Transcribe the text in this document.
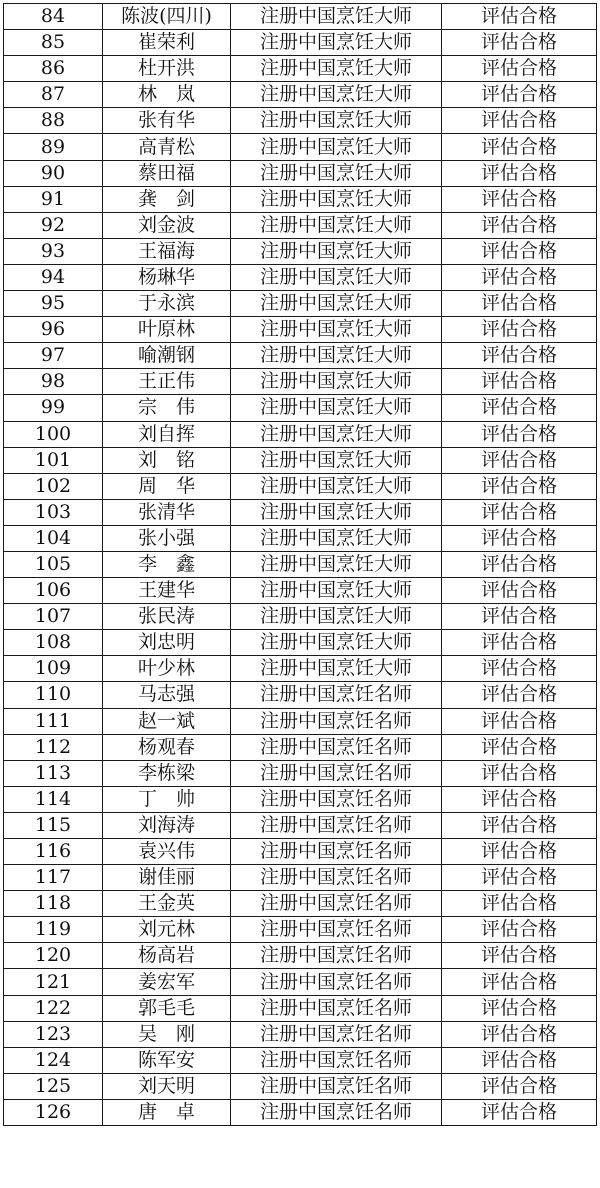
84	陈波(四川)	注册中国烹饪大师	评估合格
85	崔荣利	注册中国烹饪大师	评估合格
86	杜开洪	注册中国烹饪大师	评估合格
87	林　岚	注册中国烹饪大师	评估合格
88	张有华	注册中国烹饪大师	评估合格
89	高青松	注册中国烹饪大师	评估合格
90	蔡田福	注册中国烹饪大师	评估合格
91	龚　剑	注册中国烹饪大师	评估合格
92	刘金波	注册中国烹饪大师	评估合格
93	王福海	注册中国烹饪大师	评估合格
94	杨琳华	注册中国烹饪大师	评估合格
95	于永滨	注册中国烹饪大师	评估合格
96	叶原林	注册中国烹饪大师	评估合格
97	喻潮钢	注册中国烹饪大师	评估合格
98	王正伟	注册中国烹饪大师	评估合格
99	宗　伟	注册中国烹饪大师	评估合格
100	刘自挥	注册中国烹饪大师	评估合格
101	刘　铭	注册中国烹饪大师	评估合格
102	周　华	注册中国烹饪大师	评估合格
103	张清华	注册中国烹饪大师	评估合格
104	张小强	注册中国烹饪大师	评估合格
105	李　鑫	注册中国烹饪大师	评估合格
106	王建华	注册中国烹饪大师	评估合格
107	张民涛	注册中国烹饪大师	评估合格
108	刘忠明	注册中国烹饪大师	评估合格
109	叶少林	注册中国烹饪大师	评估合格
110	马志强	注册中国烹饪名师	评估合格
111	赵一斌	注册中国烹饪名师	评估合格
112	杨观春	注册中国烹饪名师	评估合格
113	李栋梁	注册中国烹饪名师	评估合格
114	丁　帅	注册中国烹饪名师	评估合格
115	刘海涛	注册中国烹饪名师	评估合格
116	袁兴伟	注册中国烹饪名师	评估合格
117	谢佳丽	注册中国烹饪名师	评估合格
118	王金英	注册中国烹饪名师	评估合格
119	刘元林	注册中国烹饪名师	评估合格
120	杨高岩	注册中国烹饪名师	评估合格
121	姜宏军	注册中国烹饪名师	评估合格
122	郭毛毛	注册中国烹饪名师	评估合格
123	吴　刚	注册中国烹饪名师	评估合格
124	陈军安	注册中国烹饪名师	评估合格
125	刘天明	注册中国烹饪名师	评估合格
126	唐　卓	注册中国烹饪名师	评估合格
